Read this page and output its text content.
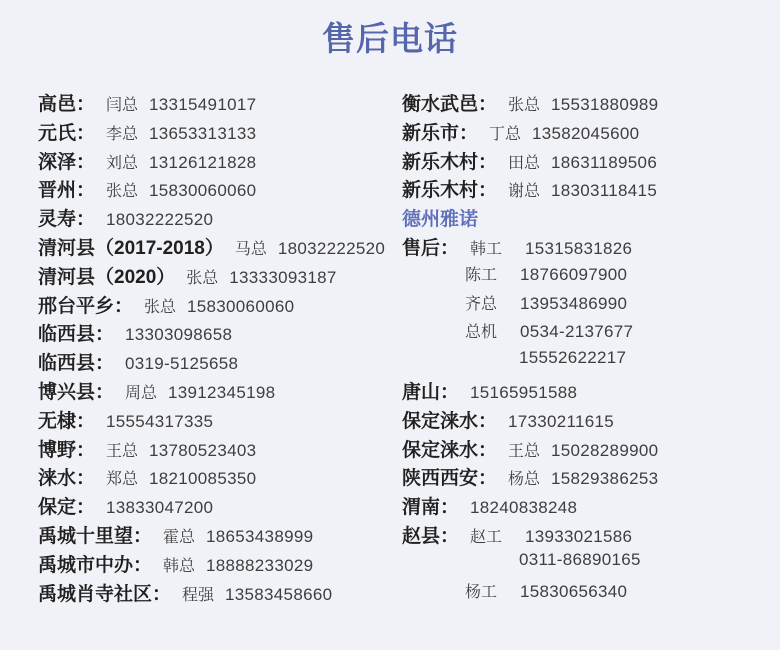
售后电话
高邑： 闫总 13315491017
元氏： 李总 13653313133
深泽： 刘总 13126121828
晋州： 张总 15830060060
灵寿： 18032222520
清河县（2017-2018） 马总 18032222520
清河县（2020） 张总 13333093187
邢台平乡： 张总 15830060060
临西县： 13303098658
临西县： 0319-5125658
博兴县： 周总 13912345198
无棣： 15554317335
博野： 王总 13780523403
涞水： 郑总 18210085350
保定： 13833047200
禹城十里望： 霍总 18653438999
禹城市中办： 韩总 18888233029
禹城肖寺社区： 程强 13583458660
衡水武邑： 张总 15531880989
新乐市： 丁总 13582045600
新乐木村： 田总 18631189506
新乐木村： 谢总 18303118415
德州雅诺
售后： 韩工	15315831826
陈工	18766097900
齐总	13953486990
总机	0534-2137677
15552622217
唐山： 15165951588
保定涞水： 17330211615
保定涞水： 王总 15028289900
陕西西安： 杨总 15829386253
渭南： 18240838248
赵县： 赵工	13933021586
0311-86890165
杨工	15830656340
